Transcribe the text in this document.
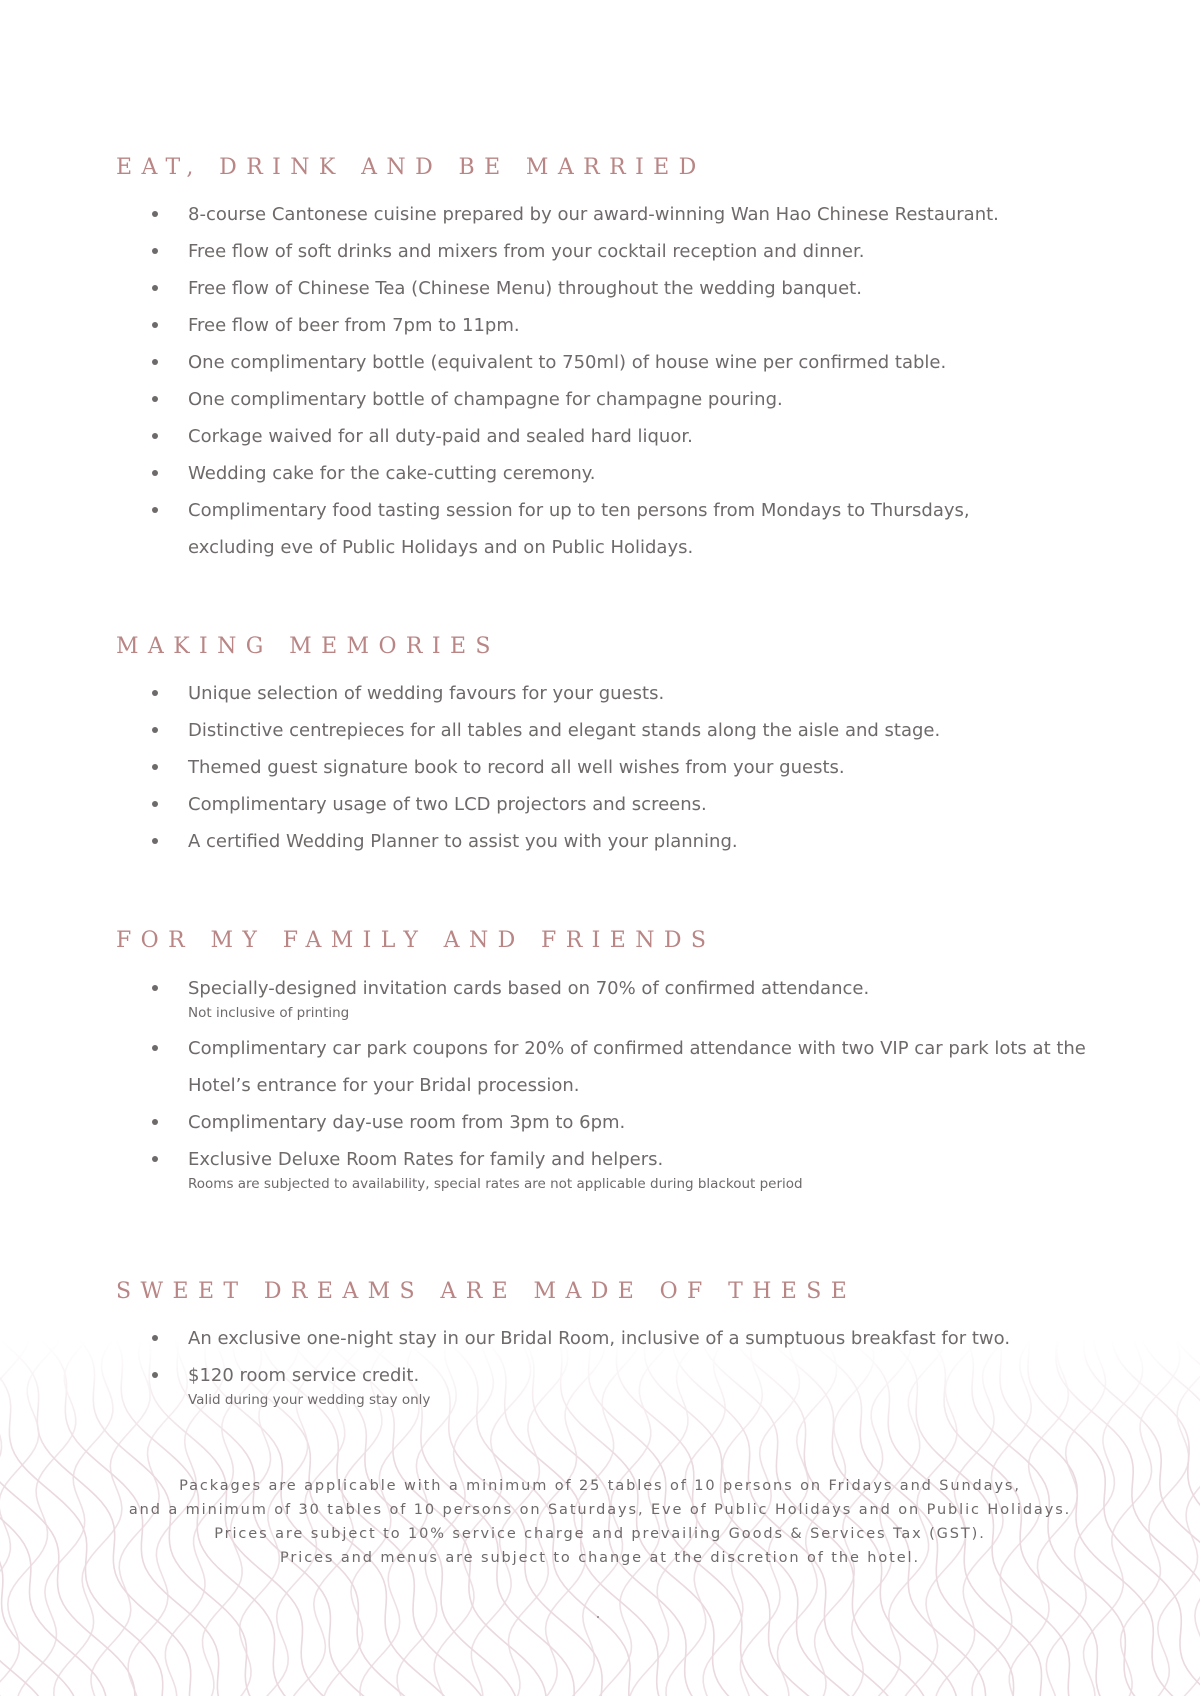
EAT, DRINK AND BE MARRIED
8-course Cantonese cuisine prepared by our award-winning Wan Hao Chinese Restaurant.
Free flow of soft drinks and mixers from your cocktail reception and dinner.
Free flow of Chinese Tea (Chinese Menu) throughout the wedding banquet.
Free flow of beer from 7pm to 11pm.
One complimentary bottle (equivalent to 750ml) of house wine per confirmed table.
One complimentary bottle of champagne for champagne pouring.
Corkage waived for all duty-paid and sealed hard liquor.
Wedding cake for the cake-cutting ceremony.
Complimentary food tasting session for up to ten persons from Mondays to Thursdays,
excluding eve of Public Holidays and on Public Holidays.
MAKING MEMORIES
Unique selection of wedding favours for your guests.
Distinctive centrepieces for all tables and elegant stands along the aisle and stage.
Themed guest signature book to record all well wishes from your guests.
Complimentary usage of two LCD projectors and screens.
A certified Wedding Planner to assist you with your planning.
FOR MY FAMILY AND FRIENDS
Specially-designed invitation cards based on 70% of confirmed attendance.
Not inclusive of printing
Complimentary car park coupons for 20% of confirmed attendance with two VIP car park lots at the
Hotel’s entrance for your Bridal procession.
Complimentary day-use room from 3pm to 6pm.
Exclusive Deluxe Room Rates for family and helpers.
Rooms are subjected to availability, special rates are not applicable during blackout period
SWEET DREAMS ARE MADE OF THESE
An exclusive one-night stay in our Bridal Room, inclusive of a sumptuous breakfast for two.
$120 room service credit.
Valid during your wedding stay only
Packages are applicable with a minimum of 25 tables of 10 persons on Fridays and Sundays,
and a minimum of 30 tables of 10 persons on Saturdays, Eve of Public Holidays and on Public Holidays.
Prices are subject to 10% service charge and prevailing Goods & Services Tax (GST).
Prices and menus are subject to change at the discretion of the hotel.
